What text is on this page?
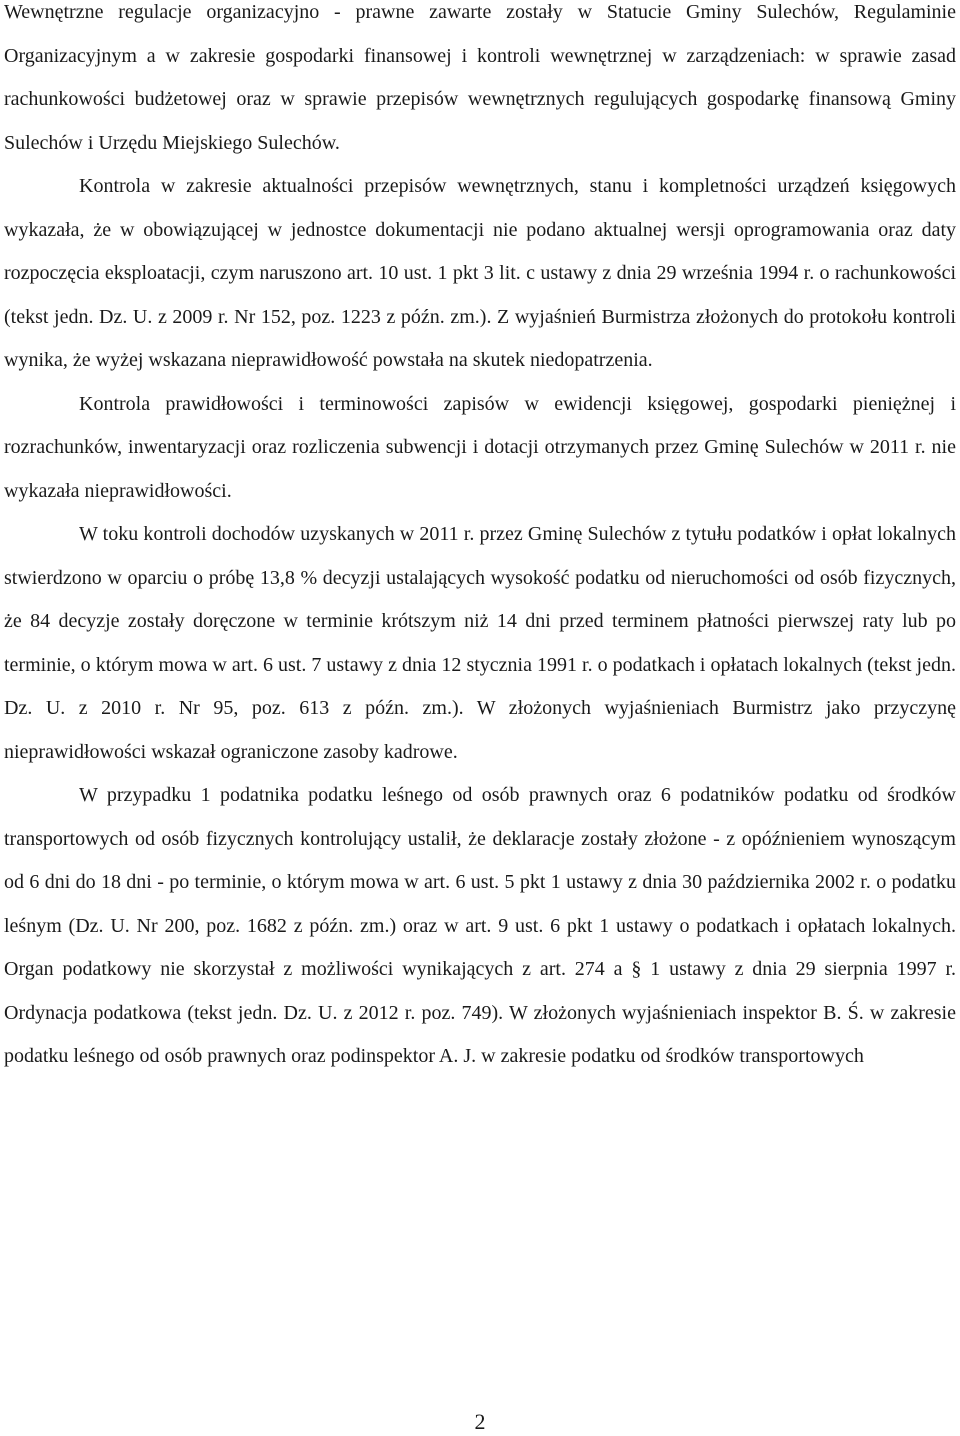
Wewnętrzne regulacje organizacyjno - prawne zawarte zostały w Statucie Gminy Sulechów, Regulaminie Organizacyjnym a w zakresie gospodarki finansowej i kontroli wewnętrznej w zarządzeniach: w sprawie zasad rachunkowości budżetowej oraz w sprawie przepisów wewnętrznych regulujących gospodarkę finansową Gminy Sulechów i Urzędu Miejskiego Sulechów.

Kontrola w zakresie aktualności przepisów wewnętrznych, stanu i kompletności urządzeń księgowych wykazała, że w obowiązującej w jednostce dokumentacji nie podano aktualnej wersji oprogramowania oraz daty rozpoczęcia eksploatacji, czym naruszono art. 10 ust. 1 pkt 3 lit. c ustawy z dnia 29 września 1994 r. o rachunkowości (tekst jedn. Dz. U. z 2009 r. Nr 152, poz. 1223 z późn. zm.). Z wyjaśnień Burmistrza złożonych do protokołu kontroli wynika, że wyżej wskazana nieprawidłowość powstała na skutek niedopatrzenia.

Kontrola prawidłowości i terminowości zapisów w ewidencji księgowej, gospodarki pieniężnej i rozrachunków, inwentaryzacji oraz rozliczenia subwencji i dotacji otrzymanych przez Gminę Sulechów w 2011 r. nie wykazała nieprawidłowości.

W toku kontroli dochodów uzyskanych w 2011 r. przez Gminę Sulechów z tytułu podatków i opłat lokalnych stwierdzono w oparciu o próbę 13,8 % decyzji ustalających wysokość podatku od nieruchomości od osób fizycznych, że 84 decyzje zostały doręczone w terminie krótszym niż 14 dni przed terminem płatności pierwszej raty lub po terminie, o którym mowa w art. 6 ust. 7 ustawy z dnia 12 stycznia 1991 r. o podatkach i opłatach lokalnych (tekst jedn. Dz. U. z 2010 r. Nr 95, poz. 613 z późn. zm.). W złożonych wyjaśnieniach Burmistrz jako przyczynę nieprawidłowości wskazał ograniczone zasoby kadrowe.

W przypadku 1 podatnika podatku leśnego od osób prawnych oraz 6 podatników podatku od środków transportowych od osób fizycznych kontrolujący ustalił, że deklaracje zostały złożone - z opóźnieniem wynoszącym od 6 dni do 18 dni - po terminie, o którym mowa w art. 6 ust. 5 pkt 1 ustawy z dnia 30 października 2002 r. o podatku leśnym (Dz. U. Nr 200, poz. 1682 z późn. zm.) oraz w art. 9 ust. 6 pkt 1 ustawy o podatkach i opłatach lokalnych. Organ podatkowy nie skorzystał z możliwości wynikających z art. 274 a § 1 ustawy z dnia 29 sierpnia 1997 r. Ordynacja podatkowa (tekst jedn. Dz. U. z 2012 r. poz. 749). W złożonych wyjaśnieniach inspektor B. Ś. w zakresie podatku leśnego od osób prawnych oraz podinspektor A. J. w zakresie podatku od środków transportowych

2
